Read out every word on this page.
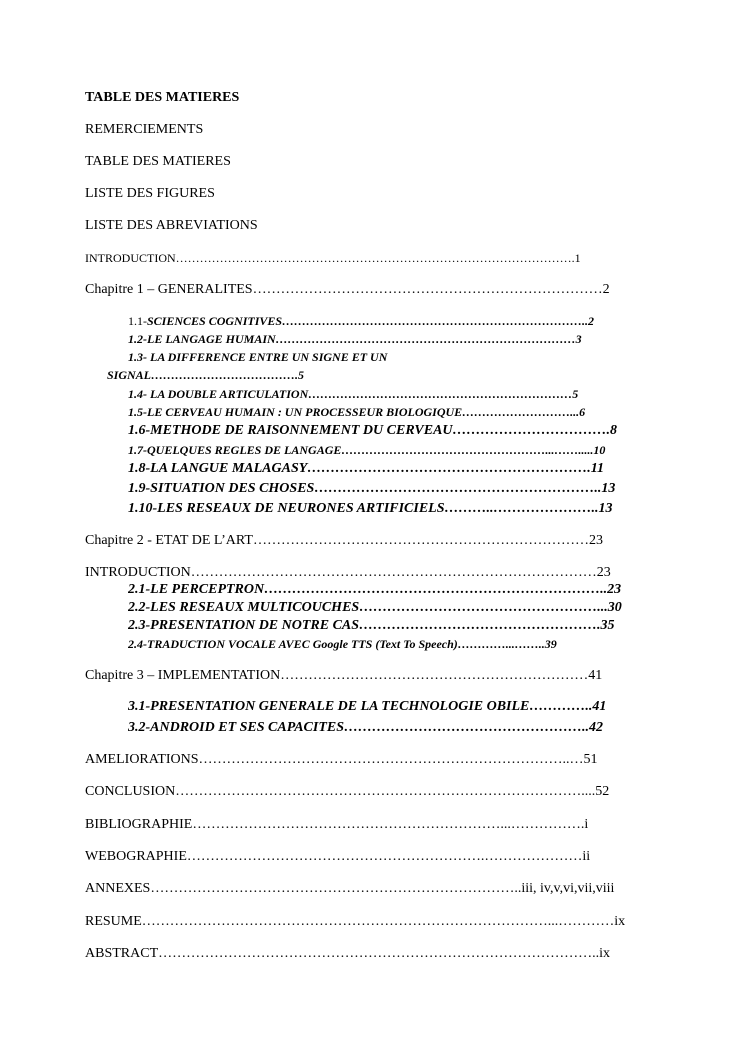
TABLE DES MATIERES
REMERCIEMENTS
TABLE DES MATIERES
LISTE DES FIGURES
LISTE DES ABREVIATIONS
INTRODUCTION……………………………………………………………………………………….1
Chapitre 1 – GENERALITES…………………………………………………………………2
1.1-SCIENCES COGNITIVES…………………………………………………………………..2
1.2-LE LANGAGE HUMAIN…………………………………………………………………3
1.3- LA DIFFERENCE ENTRE UN SIGNE ET UN
SIGNAL……………………………….5
1.4- LA DOUBLE ARTICULATION…………………………………………………………5
1.5-LE CERVEAU HUMAIN : UN PROCESSEUR BIOLOGIQUE………………………...6
1.6-METHODE DE RAISONNEMENT DU CERVEAU…………………………….8
1.7-QUELQUES REGLES DE LANGAGE……………………………………………...…….....10
1.8-LA LANGUE MALAGASY…………………………………………………….11
1.9-SITUATION DES CHOSES……………………………………………………..13
1.10-LES RESEAUX DE NEURONES ARTIFICIELS………..…………………..13
Chapitre 2 - ETAT DE L’ART………………………………………………………………23
INTRODUCTION……………………………………………………………………………23
2.1-LE PERCEPTRON………………………………………………………………..23
2.2-LES RESEAUX MULTICOUCHES……………………………………………...30
2.3-PRESENTATION DE NOTRE CAS…………………………………………….35
2.4-TRADUCTION VOCALE AVEC Google TTS (Text To Speech)…………...……..39
Chapitre 3 – IMPLEMENTATION…………………………………………………………41
3.1-PRESENTATION GENERALE DE LA TECHNOLOGIE OBILE…………..41
3.2-ANDROID ET SES CAPACITES……………………………………………..42
AMELIORATIONS……………………………………………………………………..…51
CONCLUSION……………………………………………………………………………....52
BIBLIOGRAPHIE…………………………………………………………...…………….i
WEBOGRAPHIE……………………………………………………….…………………ii
ANNEXES……………………………………………………………………..iii, iv,v,vi,vii,viii
RESUME……………………………………………………………………………...…………ix
ABSTRACT…………………………………………………………………………………..ix
